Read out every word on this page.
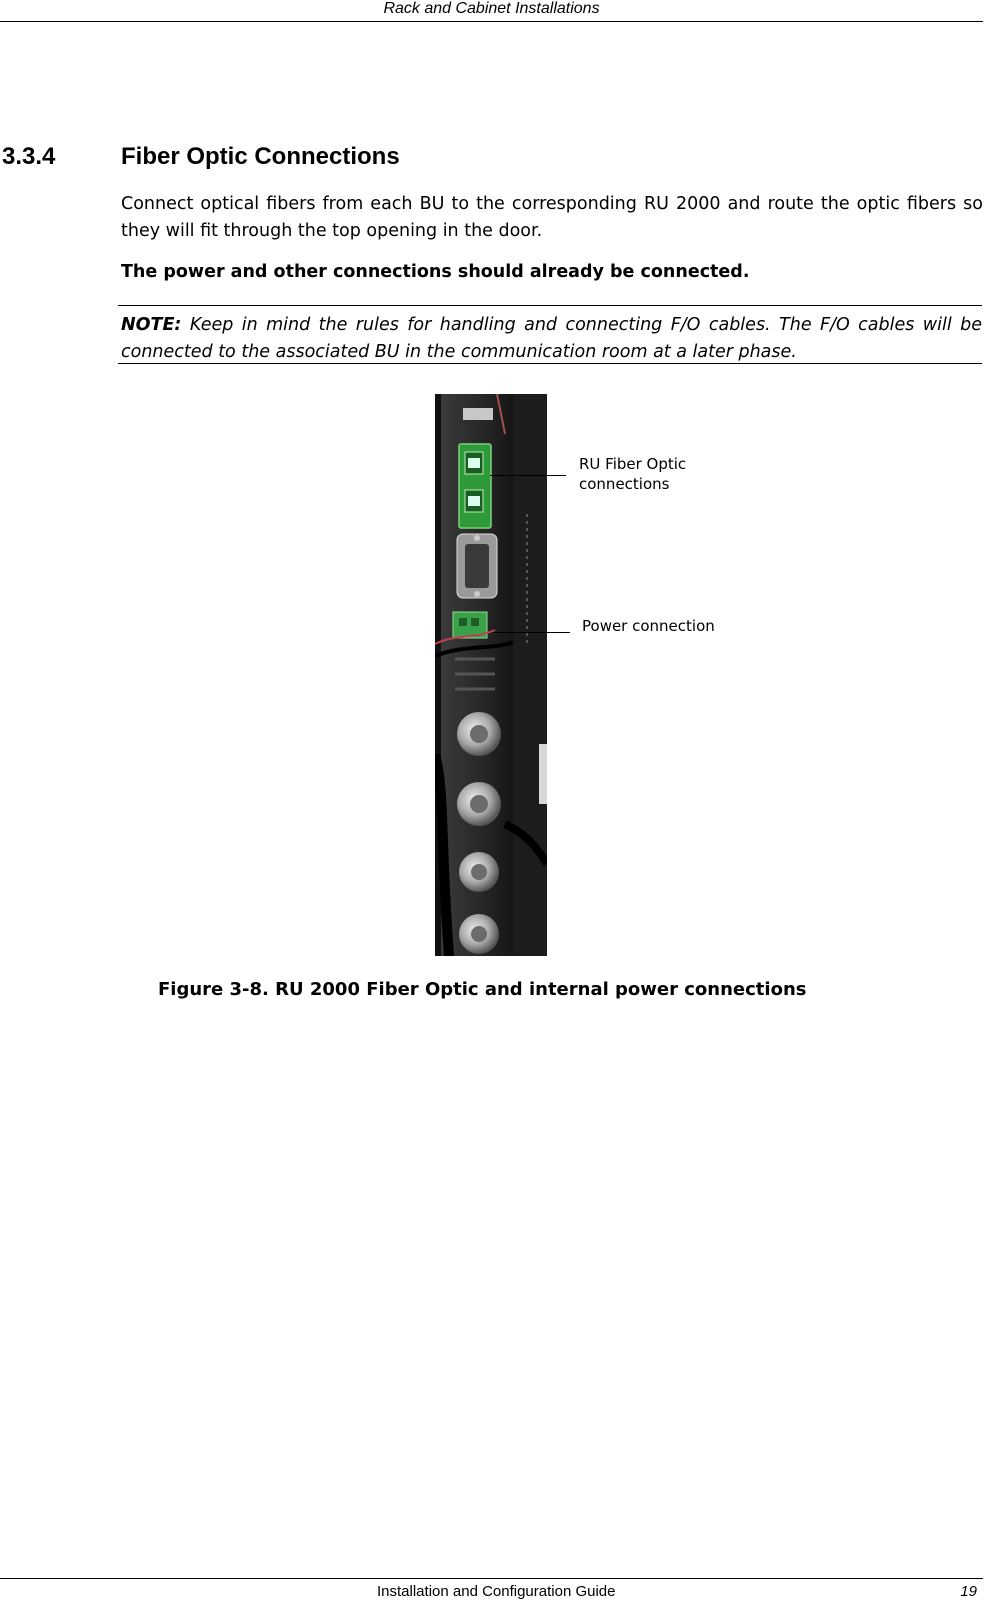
Rack and Cabinet Installations
3.3.4	Fiber Optic Connections
Connect optical fibers from each BU to the corresponding RU 2000 and route the optic fibers so they will fit through the top opening in the door.
The power and other connections should already be connected.
NOTE: Keep in mind the rules for handling and connecting F/O cables. The F/O cables will be connected to the associated BU in the communication room at a later phase.
RU Fiber Optic
connections
Power connection
Figure 3-8. RU 2000 Fiber Optic and internal power connections
Installation and Configuration Guide	19
